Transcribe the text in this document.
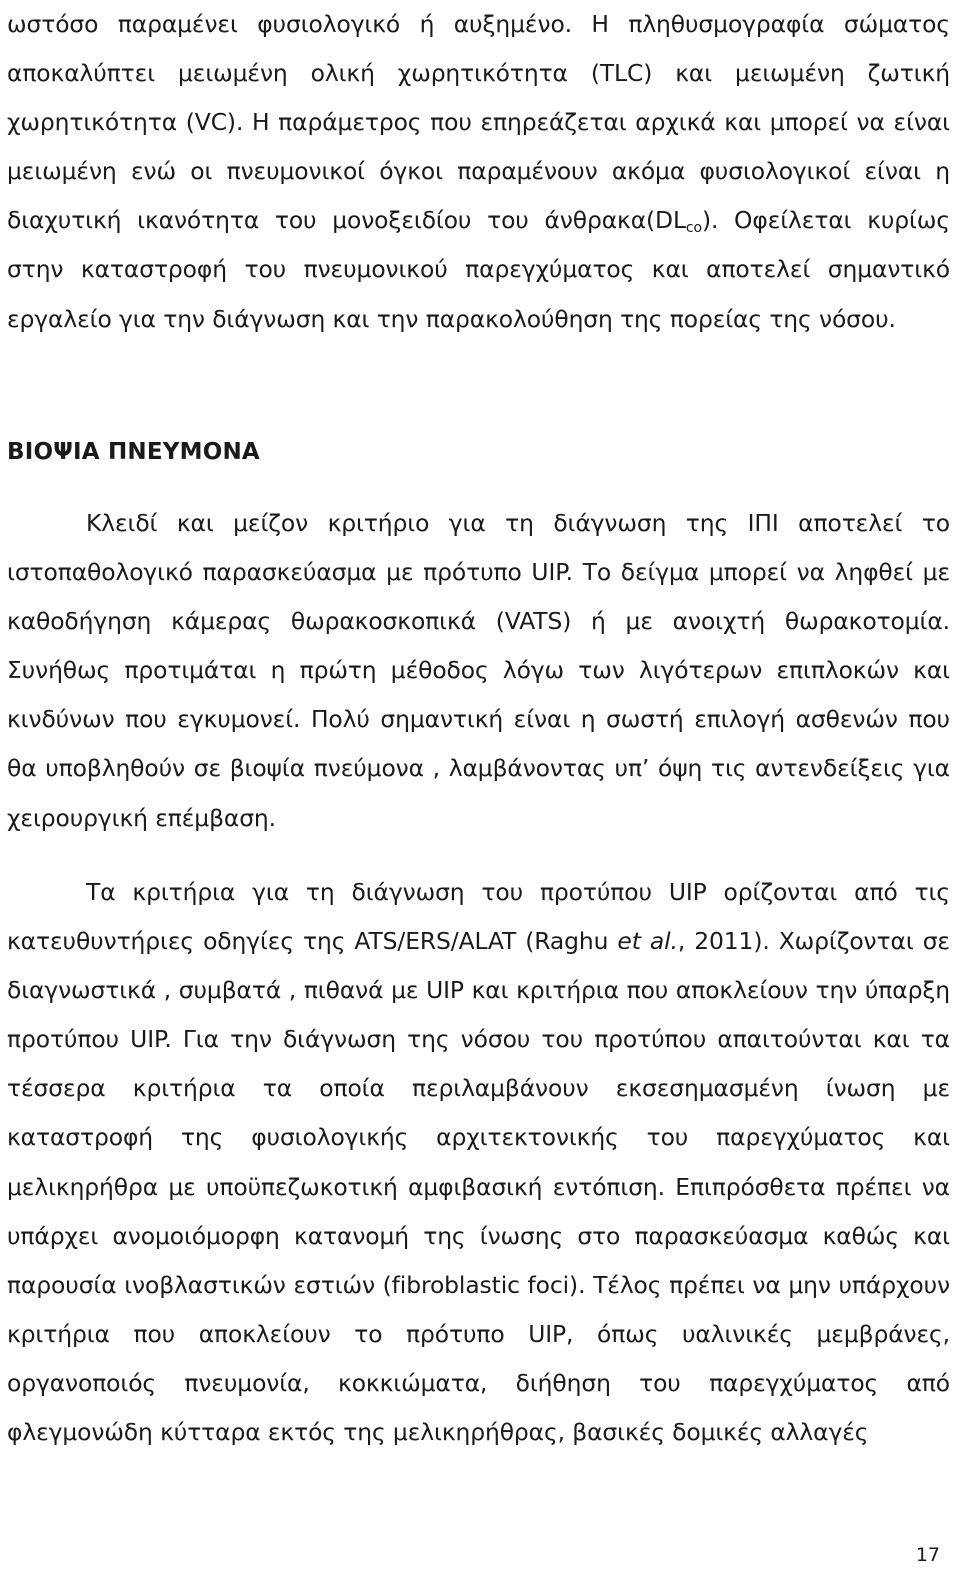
ωστόσο παραμένει φυσιολογικό ή αυξημένο. Η πληθυσμογραφία σώματος αποκαλύπτει μειωμένη ολική χωρητικότητα (TLC) και μειωμένη ζωτική χωρητικότητα (VC). Η παράμετρος που επηρεάζεται αρχικά και μπορεί να είναι μειωμένη ενώ οι πνευμονικοί όγκοι παραμένουν ακόμα φυσιολογικοί είναι η διαχυτική ικανότητα του μονοξειδίου του $ά\nu\theta\rho\alpha\kappa\alpha(DL_{co})$. Οφείλεται κυρίως στην καταστροφή του πνευμονικού παρεγχύματος και αποτελεί σημαντικό εργαλείο για την διάγνωση και την παρακολούθηση της πορείας της νόσου.

ΒΙΟΨΙΑ ΠΝΕΥΜΟΝΑ

Κλειδί και μείζον κριτήριο για τη διάγνωση της ΙΠΙ αποτελεί το ιστοπαθολογικό παρασκεύασμα με πρότυπο UIP. Το δείγμα μπορεί να ληφθεί με καθοδήγηση κάμερας θωρακοσκοπικά (VATS) ή με ανοιχτή θωρακοτομία. Συνήθως προτιμάται η πρώτη μέθοδος λόγω των λιγότερων επιπλοκών και κινδύνων που εγκυμονεί. Πολύ σημαντική είναι η σωστή επιλογή ασθενών που θα υποβληθούν σε βιοψία πνεύμονα , λαμβάνοντας υπ’ όψη τις αντενδείξεις για χειρουργική επέμβαση.

Τα κριτήρια για τη διάγνωση του προτύπου UIP ορίζονται από τις κατευθυντήριες οδηγίες της ATS/ERS/ALAT (Raghu et al., 2011). Χωρίζονται σε διαγνωστικά , συμβατά , πιθανά με UIP και κριτήρια που αποκλείουν την ύπαρξη προτύπου UIP. Για την διάγνωση της νόσου του προτύπου απαιτούνται και τα τέσσερα κριτήρια τα οποία περιλαμβάνουν εκσεσημασμένη ίνωση με καταστροφή της φυσιολογικής αρχιτεκτονικής του παρεγχύματος και μελικηρήθρα με υποϋπεζωκοτική αμφιβασική εντόπιση. Επιπρόσθετα πρέπει να υπάρχει ανομοιόμορφη κατανομή της ίνωσης στο παρασκεύασμα καθώς και παρουσία ινοβλαστικών εστιών (fibroblastic foci). Τέλος πρέπει να μην υπάρχουν κριτήρια που αποκλείουν το πρότυπο UIP, όπως υαλινικές μεμβράνες, οργανοποιός πνευμονία, κοκκιώματα, διήθηση του παρεγχύματος από φλεγμονώδη κύτταρα εκτός της μελικηρήθρας, βασικές δομικές αλλαγές

17
